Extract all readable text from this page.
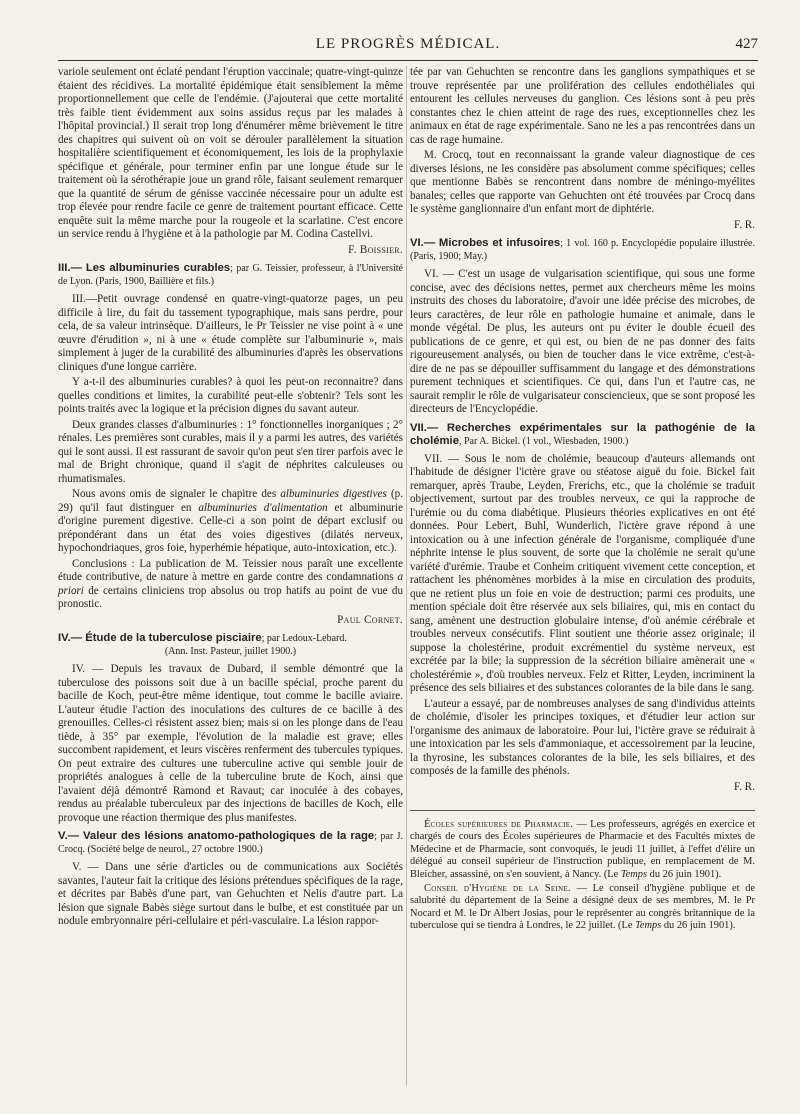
LE PROGRÈS MÉDICAL.	427

variole seulement ont éclaté pendant l'éruption vaccinale; quatre-vingt-quinze étaient des récidives. La mortalité épidémique était sensiblement la même proportionnellement que celle de l'endémie. (J'ajouterai que cette mortalité très faible tient évidemment aux soins assidus reçus par les malades à l'hôpital provincial.) Il serait trop long d'énumérer même brièvement le titre des chapitres qui suivent où on voit se dérouler parallèlement la situation hospitalière scientifiquement et économiquement, les lois de la prophylaxie spécifique et générale, pour terminer enfin par une longue étude sur le traitement où la sérothérapie joue un grand rôle, faisant seulement remarquer que la quantité de sérum de génisse vaccinée nécessaire pour un adulte est trop élevée pour rendre facile ce genre de traitement pourtant efficace. Cette enquête suit la même marche pour la rougeole et la scarlatine. C'est encore un service rendu à l'hygiène et à la pathologie par M. Codina Castellvi.

F. Boissier.

III.— Les albuminuries curables; par G. Teissier, professeur, à l'Université de Lyon. (Paris, 1900, Baillière et fils.)

III.—Petit ouvrage condensé en quatre-vingt-quatorze pages, un peu difficile à lire, du fait du tassement typographique, mais sans perdre, pour cela, de sa valeur intrinsèque. D'ailleurs, le Pr Teissier ne vise point à « une œuvre d'érudition », ni à une « étude complète sur l'albuminurie », mais simplement à juger de la curabilité des albuminuries d'après les observations cliniques d'une longue carrière.

Y a-t-il des albuminuries curables? à quoi les peut-on reconnaitre? dans quelles conditions et limites, la curabilité peut-elle s'obtenir? Tels sont les points traités avec la logique et la précision dignes du savant auteur.

Deux grandes classes d'albuminuries : 1° fonctionnelles inorganiques ; 2° rénales. Les premières sont curables, mais il y a parmi les autres, des variétés qui le sont aussi. Il est rassurant de savoir qu'on peut s'en tirer parfois avec le mal de Bright chronique, quand il s'agit de néphrites calculeuses ou rhumatismales.

Nous avons omis de signaler le chapitre des albuminuries digestives (p. 29) qu'il faut distinguer en albuminuries d'alimentation et albuminurie d'origine purement digestive. Celle-ci a son point de départ exclusif ou prépondérant dans un état des voies digestives (dilatés nerveux, hypochondriaques, gros foie, hyperhémie hépatique, auto-intoxication, etc.).

Conclusions : La publication de M. Teissier nous paraît une excellente étude contributive, de nature à mettre en garde contre des condamnations a priori de certains cliniciens trop absolus ou trop hatifs au point de vue du pronostic.

Paul Cornet.

IV.— Étude de la tuberculose pisciaire; par Ledoux-Lebard.
(Ann. Inst. Pasteur, juillet 1900.)

IV. — Depuis les travaux de Dubard, il semble démontré que la tuberculose des poissons soit due à un bacille spécial, proche parent du bacille de Koch, peut-être même identique, tout comme le bacille aviaire. L'auteur étudie l'action des inoculations des cultures de ce bacille à des grenouilles. Celles-ci résistent assez bien; mais si on les plonge dans de l'eau tiède, à 35° par exemple, l'évolution de la maladie est grave; elles succombent rapidement, et leurs viscères renferment des tubercules typiques. On peut extraire des cultures une tuberculine active qui semble jouir de propriétés analogues à celle de la tuberculine brute de Koch, ainsi que l'avaient déjà démontré Ramond et Ravaut; car inoculée à des cobayes, rendus au préalable tuberculeux par des injections de bacilles de Koch, elle provoque une réaction thermique des plus manifestes.

V.— Valeur des lésions anatomo-pathologiques de la rage; par J. Crocq. (Société belge de neurol., 27 octobre 1900.)

V. — Dans une série d'articles ou de communications aux Sociétés savantes, l'auteur fait la critique des lésions prétendues spécifiques de la rage, et décrites par Babès d'une part, van Gehuchten et Nelis d'autre part. La lésion que signale Babès siège surtout dans le bulbe, et est constituée par un nodule embryonnaire péri-cellulaire et péri-vasculaire. La lésion rappor-

tée par van Gehuchten se rencontre dans les ganglions sympathiques et se trouve représentée par une prolifération des cellules endothéliales qui entourent les cellules nerveuses du ganglion. Ces lésions sont à peu près constantes chez le chien atteint de rage des rues, exceptionnelles chez les animaux en état de rage expérimentale. Sano ne les a pas rencontrées dans un cas de rage humaine.

M. Crocq, tout en reconnaissant la grande valeur diagnostique de ces diverses lésions, ne les considère pas absolument comme spécifiques; celles que mentionne Babès se rencontrent dans nombre de méningo-myélites banales; celles que rapporte van Gehuchten ont été trouvées par Crocq dans le système ganglionnaire d'un enfant mort de diphtérie.

F. R.

VI.— Microbes et infusoires; 1 vol. 160 p. Encyclopédie populaire illustrée. (Paris, 1900; May.)

VI. — C'est un usage de vulgarisation scientifique, qui sous une forme concise, avec des décisions nettes, permet aux chercheurs même les moins instruits des choses du laboratoire, d'avoir une idée précise des microbes, de leurs caractères, de leur rôle en pathologie humaine et animale, dans le monde végétal. De plus, les auteurs ont pu éviter le double écueil des publications de ce genre, et qui est, ou bien de ne pas donner des faits rigoureusement analysés, ou bien de toucher dans le vice extrême, c'est-à-dire de ne pas se dépouiller suffisamment du langage et des démonstrations purement techniques et scientifiques. Ce qui, dans l'un et l'autre cas, ne saurait remplir le rôle de vulgarisateur consciencieux, que se sont proposé les directeurs de l'Encyclopédie.

VII.— Recherches expérimentales sur la pathogénie de la cholémie, Par A. Bickel. (1 vol., Wiesbaden, 1900.)

VII. — Sous le nom de cholémie, beaucoup d'auteurs allemands ont l'habitude de désigner l'ictère grave ou stéatose aiguë du foie. Bickel fait remarquer, après Traube, Leyden, Frerichs, etc., que la cholémie se traduit objectivement, surtout par des troubles nerveux, ce qui la rapproche de l'urémie ou du coma diabétique. Plusieurs théories explicatives en ont été données. Pour Lebert, Buhl, Wunderlich, l'ictère grave répond à une intoxication ou à une infection générale de l'organisme, compliquée d'une néphrite intense le plus souvent, de sorte que la cholémie ne serait qu'une variété d'urémie. Traube et Conheim critiquent vivement cette conception, et rattachent les phénomènes morbides à la mise en circulation des produits, que ne retient plus un foie en voie de destruction; parmi ces produits, une mention spéciale doit être réservée aux sels biliaires, qui, mis en contact du sang, amènent une destruction globulaire intense, d'où anémie cérébrale et troubles nerveux consécutifs. Flint soutient une théorie assez originale; il suppose la cholestérine, produit excrémentiel du système nerveux, est excrétée par la bile; la suppression de la sécrétion biliaire amènerait une « cholestérémie », d'où troubles nerveux. Felz et Ritter, Leyden, incriminent la présence des sels biliaires et des substances colorantes de la bile dans le sang.

L'auteur a essayé, par de nombreuses analyses de sang d'individus atteints de cholémie, d'isoler les principes toxiques, et d'étudier leur action sur l'organisme des animaux de laboratoire. Pour lui, l'ictère grave se réduirait à une intoxication par les sels d'ammoniaque, et accessoirement par la leucine, la thyrosine, les substances colorantes de la bile, les sels biliaires, et des composés de la famille des phénols.

F. R.

Écoles supérieures de Pharmacie. — Les professeurs, agrégés en exercice et chargés de cours des Écoles supérieures de Pharmacie et des Facultés mixtes de Médecine et de Pharmacie, sont convoqués, le jeudi 11 juillet, à l'effet d'élire un délégué au conseil supérieur de l'instruction publique, en remplacement de M. Bleicher, assassiné, on s'en souvient, à Nancy. (Le Temps du 26 juin 1901).

Conseil d'Hygiène de la Seine. — Le conseil d'hygiène publique et de salubrité du département de la Seine a désigné deux de ses membres, M. le Pr Nocard et M. le Dr Albert Josias, pour le représenter au congrès britannique de la tuberculose qui se tiendra à Londres, le 22 juillet. (Le Temps du 26 juin 1901).
